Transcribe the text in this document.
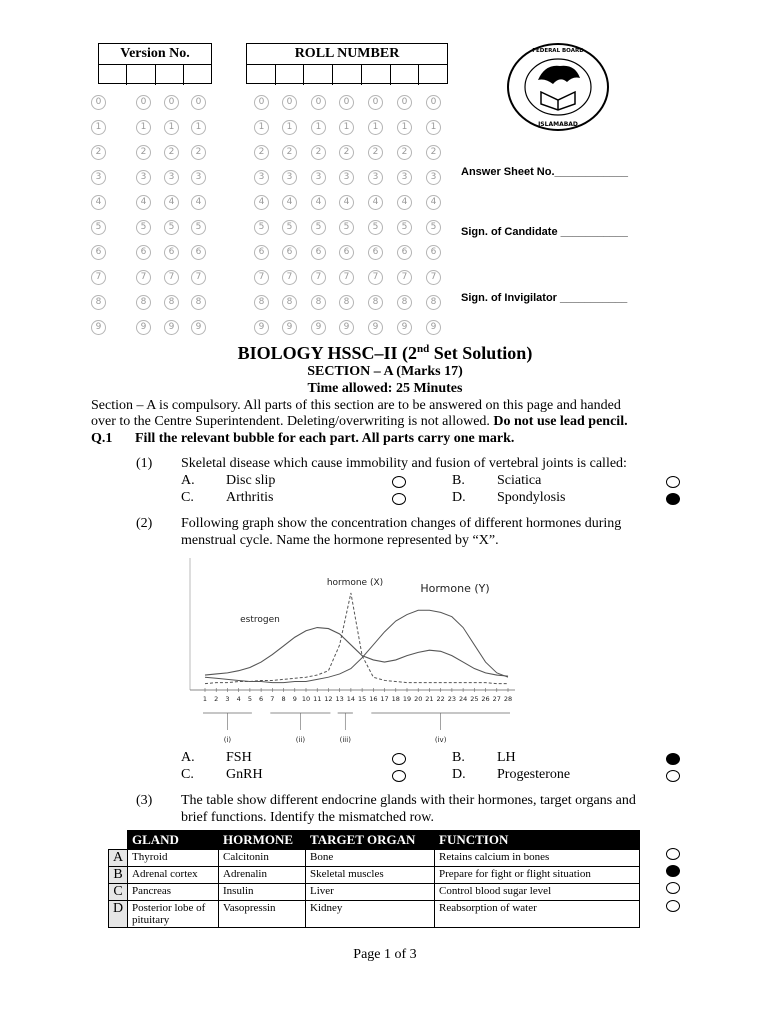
Version No.	ROLL NUMBER
0
1
2
3
4
5
6
7
8
9
0
1
2
3
4
5
6
7
8
9
0
1
2
3
4
5
6
7
8
9
0
1
2
3
4
5
6
7
8
9
0
1
2
3
4
5
6
7
8
9
0
1
2
3
4
5
6
7
8
9
0
1
2
3
4
5
6
7
8
9
0
1
2
3
4
5
6
7
8
9
0
1
2
3
4
5
6
7
8
9
0
1
2
3
4
5
6
7
8
9
0
1
2
3
4
5
6
7
8
9
FEDERAL BOARD
ISLAMABAD
Answer Sheet No.____________
Sign. of Candidate ___________
Sign. of Invigilator ___________
BIOLOGY HSSC–II (2nd Set Solution)
SECTION – A (Marks 17)
Time allowed: 25 Minutes
Section – A is compulsory. All parts of this section are to be answered on this page and handed
over to the Centre Superintendent. Deleting/overwriting is not allowed. Do not use lead pencil.
Q.1 Fill the relevant bubble for each part. All parts carry one mark.
(1) Skeletal disease which cause immobility and fusion of vertebral joints is called:
A. Disc slip	B. Sciatica
C. Arthritis	D. Spondylosis
(2) Following graph show the concentration changes of different hormones during
menstrual cycle. Name the hormone represented by “X”.
1 2 3 4 5 6 7 8 9 10 11 12 13 14 15 16 17 18 19 20 21 22 23 24 25 26 27 28
estrogen
hormone (X)	Hormone (Y)
(i)	(ii)	(iii)	(iv)
A. FSH	B. LH
C. GnRH	D. Progesterone
(3) The table show different endocrine glands with their hormones, target organs and
brief functions. Identify the mismatched row.
	GLAND	HORMONE	TARGET ORGAN	FUNCTION
A	Thyroid	Calcitonin	Bone	Retains calcium in bones
B	Adrenal cortex	Adrenalin	Skeletal muscles	Prepare for fight or flight situation
C	Pancreas	Insulin	Liver	Control blood sugar level
D	Posterior lobe of pituitary	Vasopressin	Kidney	Reabsorption of water
Page 1 of 3
